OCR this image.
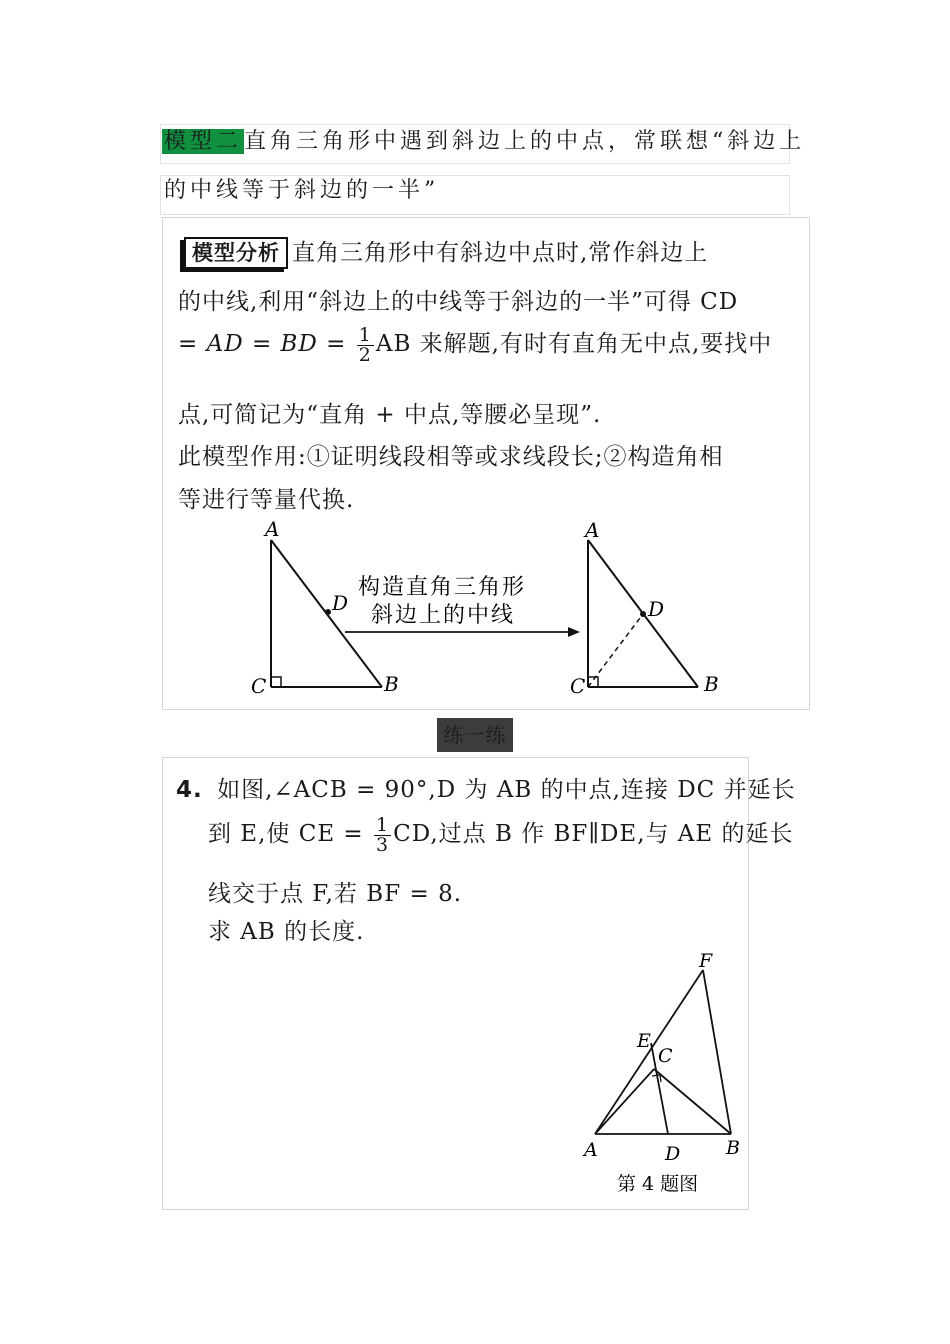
模型二直角三角形中遇到斜边上的中点，常联想“斜边上
的中线等于斜边的一半”
模型分析 直角三角形中有斜边中点时,常作斜边上
的中线,利用“斜边上的中线等于斜边的一半”可得 CD
= AD = BD = $\frac{1}{2}$ AB 来解题,有时有直角无中点,要找中
点,可简记为“直角 + 中点,等腰必呈现”.
此模型作用:①证明线段相等或求线段长;②构造角相
等进行等量代换.
A
B
C
D
构造直角三角形
斜边上的中线
A
B
C
D
练一练
4. 如图,∠ACB = 90°,D 为 AB 的中点,连接 DC 并延长
到 E,使 CE = $\frac{1}{3}$ CD,过点 B 作 BF∥DE,与 AE 的延长
线交于点 F,若 BF = 8.
求 AB 的长度.
A	B
C
D
E
F
第 4 题图
